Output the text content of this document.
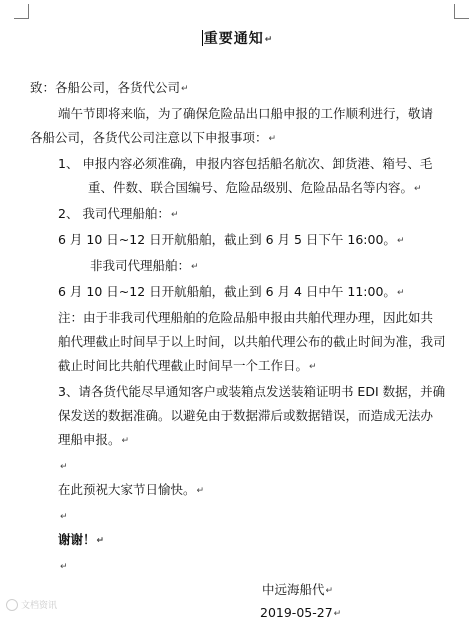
重要通知↵
致：各船公司，各货代公司↵
端午节即将来临，为了确保危险品出口船申报的工作顺利进行，敬请
各船公司，各货代公司注意以下申报事项：↵
1、 申报内容必须准确，申报内容包括船名航次、卸货港、箱号、毛
重、件数、联合国编号、危险品级别、危险品品名等内容。↵
2、 我司代理船舶：↵
6 月 10 日~12 日开航船舶，截止到 6 月 5 日下午 16:00。↵
非我司代理船舶：↵
6 月 10 日~12 日开航船舶，截止到 6 月 4 日中午 11:00。↵
注：由于非我司代理船舶的危险品船申报由共舶代理办理，因此如共
舶代理截止时间早于以上时间，以共舶代理公布的截止时间为准，我司
截止时间比共舶代理截止时间早一个工作日。↵
3、请各货代能尽早通知客户或装箱点发送装箱证明书 EDI 数据，并确
保发送的数据准确。以避免由于数据滞后或数据错误，而造成无法办
理船申报。↵
↵
在此预祝大家节日愉快。↵
↵
谢谢！↵
↵
中远海船代↵
2019-05-27↵
文档资讯
